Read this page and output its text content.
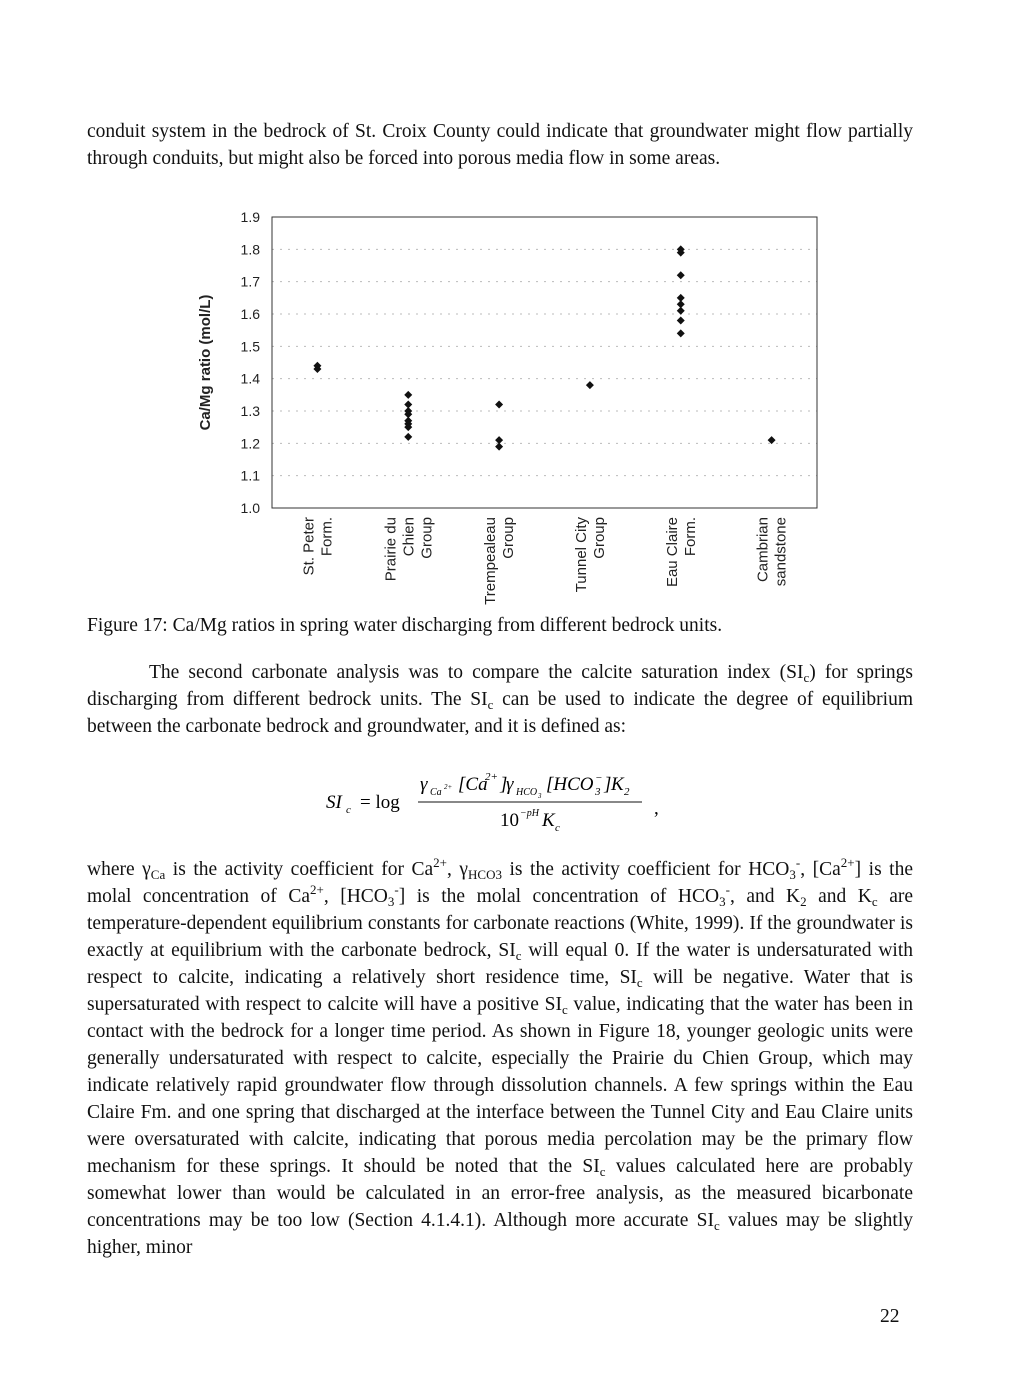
conduit system in the bedrock of St. Croix County could indicate that groundwater might flow partially through conduits, but might also be forced into porous media flow in some areas.
1.0
1.1
1.2
1.3
1.4
1.5
1.6
1.7
1.8
1.9
Ca/Mg ratio (mol/L)
St. PeterForm.	Prairie duChienGroup	TrempealeauGroup	Tunnel CityGroup	Eau ClaireForm.	Cambriansandstone
Figure 17: Ca/Mg ratios in spring water discharging from different bedrock units.
The second carbonate analysis was to compare the calcite saturation index $(SI_c)$ for springs discharging from different bedrock units. The $SI_c$ can be used to indicate the degree of equilibrium between the carbonate bedrock and groundwater, and it is defined as:
SI c = log
γ Ca 2+ [Ca
2+ ]
γ HCO 3
[HCO 3
− ] K 2
10 −pH K c
,
where $\gamma_{Ca}$ is the activity coefficient for $Ca^{2+}$, $\gamma_{HCO3}$ is the activity coefficient for $HCO_3^-$, $[Ca^{2+}]$ is the molal concentration of $Ca^{2+}$, $[HCO_3^-]$ is the molal concentration of $HCO_3^-$, and $K_2$ and $K_c$ are temperature-dependent equilibrium constants for carbonate reactions (White, 1999). If the groundwater is exactly at equilibrium with the carbonate bedrock, $SI_c$ will equal 0. If the water is undersaturated with respect to calcite, indicating a relatively short residence time, $SI_c$ will be negative. Water that is supersaturated with respect to calcite will have a positive $SI_c$ value, indicating that the water has been in contact with the bedrock for a longer time period. As shown in Figure 18, younger geologic units were generally undersaturated with respect to calcite, especially the Prairie du Chien Group, which may indicate relatively rapid groundwater flow through dissolution channels. A few springs within the Eau Claire Fm. and one spring that discharged at the interface between the Tunnel City and Eau Claire units were oversaturated with calcite, indicating that porous media percolation may be the primary flow mechanism for these springs. It should be noted that the $SI_c$ values calculated here are probably somewhat lower than would be calculated in an error-free analysis, as the measured bicarbonate concentrations may be too low (Section 4.1.4.1). Although more accurate $SI_c$ values may be slightly higher, minor
22
